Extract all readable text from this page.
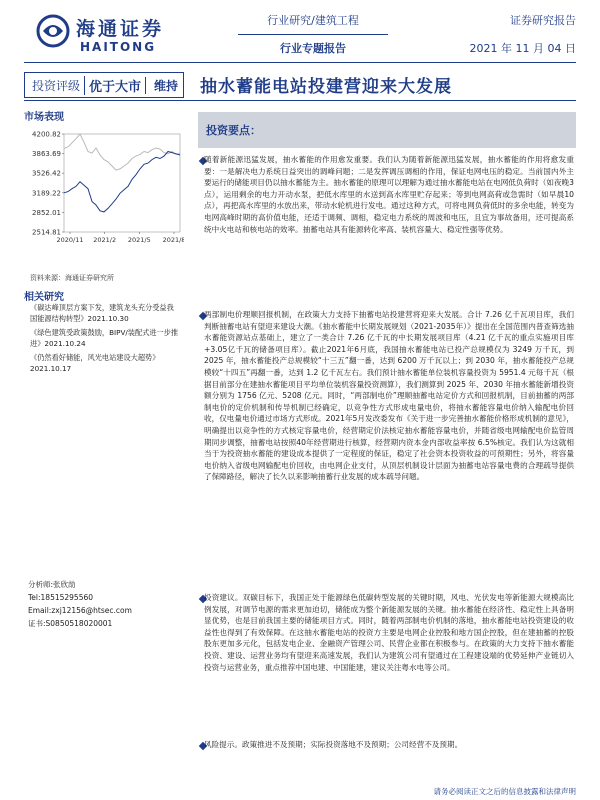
海通证券
HAITONG
行业研究/建筑工程
行业专题报告
证券研究报告
2021 年 11 月 04 日
投资评级 优于大市	维持	抽水蓄能电站投建营迎来大发展
市场表现
4200.82
3863.69
3526.42
3189.22
2852.01
2514.81
2020/11 2021/2 2021/5 2021/8
资料来源：海通证券研究所
相关研究

《碳达峰顶层方案下发，建筑龙头充分受益我国能源结构转型》2021.10.30

《绿色建筑受政策鼓励，BIPV/装配式进一步推进》2021.10.24

《仍然看好储能，风光电站建设大超势》2021.10.17

分析师:张欣劼
Tel:18515295560
Email:zxj12156@htsec.com
证书:S0850518020001
投资要点：
随着新能源迅猛发展，抽水蓄能的作用愈发重要。我们认为随着新能源迅猛发展，抽水蓄能的作用将愈发重要：一是解决电力系统日益突出的调峰问题；二是发挥调压调相的作用，保证电网电压的稳定。当前国内外主要运行的储能项目仍以抽水蓄能为主。抽水蓄能的原理可以理解为通过抽水蓄能电站在电网低负荷时（如夜晚3点），运用剩余的电力开动水泵，把低水库里的水送到高水库里贮存起来；等到电网高荷或急需时（如早晨10点），再把高水库里的水放出来，带动水轮机进行发电。通过这种方式，可将电网负荷低时的多余电能，转变为电网高峰时期的高价值电能，还适于调频、调相，稳定电力系统的周波和电压，且宜为事故备用，还可提高系统中火电站和核电站的效率。抽蓄电站具有能源转化率高、装机容量大、稳定性强等优势。
两部制电价理顺回报机制，在政策大力支持下抽蓄电站投建营将迎来大发展。合计 7.26 亿千瓦项目库，我们判断抽蓄电站有望迎来建设大潮。《抽水蓄能中长期发展规划（2021-2035年）》提出在全国范围内普查筛选抽水蓄能资源站点基础上，建立了一类合计 7.26 亿千瓦的中长期发展项目库（4.21 亿千瓦的重点实施项目库+3.05亿千瓦的储备项目库）。截止2021年6月底，我国抽水蓄能电站已投产总规模仅为 3249 万千瓦，到 2025 年，抽水蓄能投产总规模较“十三五”翻一番，达到 6200 万千瓦以上；到 2030 年，抽水蓄能投产总规模较“十四五”再翻一番，达到 1.2 亿千瓦左右。我们预计抽水蓄能单位装机容量投资为 5951.4 元每千瓦（根据目前部分在建抽水蓄能项目平均单位装机容量投资测算），我们测算到 2025 年、2030 年抽水蓄能新增投资额分别为 1756 亿元、5208 亿元。同时，“两部制电价”理顺抽蓄电站定价方式和回报机制，目前抽蓄的两部制电价的定价机制和传导机制已经确定，以竞争性方式形成电量电价，将抽水蓄能容量电价纳入输配电价回收，仅电量电价通过市场方式形成。2021年5月发改委发布《关于进一步完善抽水蓄能价格形成机制的意见》，明确提出以竞争性的方式核定容量电价，经营期定价法核定抽水蓄能容量电价，并随省级电网输配电价监管周期同步调整，抽蓄电站按照40年经营期进行核算，经营期内资本金内部收益率按 6.5%核定。我们认为这就相当于为投资抽水蓄能的建设成本提供了一定程度的保证，稳定了社会资本投资收益的可预期性；另外，将容量电价纳入省级电网输配电价回收，由电网企业支付，从顶层机制设计层面为抽蓄电站容量电费的合理疏导提供了保障路径，解决了长久以来影响抽蓄行业发展的成本疏导问题。
投资建议。双碳目标下，我国正处于能源绿色低碳转型发展的关键时期，风电、光伏发电等新能源大规模高比例发展，对调节电源的需求更加迫切，储能成为整个新能源发展的关键。抽水蓄能在经济性、稳定性上具备明显优势，也是目前我国主要的储能项目方式。同时，随着两部制电价机制的落地，抽水蓄能电站投资建设的收益性也得到了有效保障。在这抽水蓄能电站的投资方主要是电网企业控股和地方国企控股，但在建抽蓄的控股股东更加多元化，包括发电企业、金融资产管理公司、民营企业都在积极参与。在政策的大力支持下抽水蓄能投资、建设、运营业务均有望迎来高速发展，我们认为建筑公司有望通过在工程建设端的优势延伸产业链切入投资与运营业务，重点推荐中国电建、中国能建，建议关注粤水电等公司。
风险提示。政策推进不及预期；实际投资落地不及预期；公司经营不及预期。
请务必阅读正文之后的信息披露和法律声明
